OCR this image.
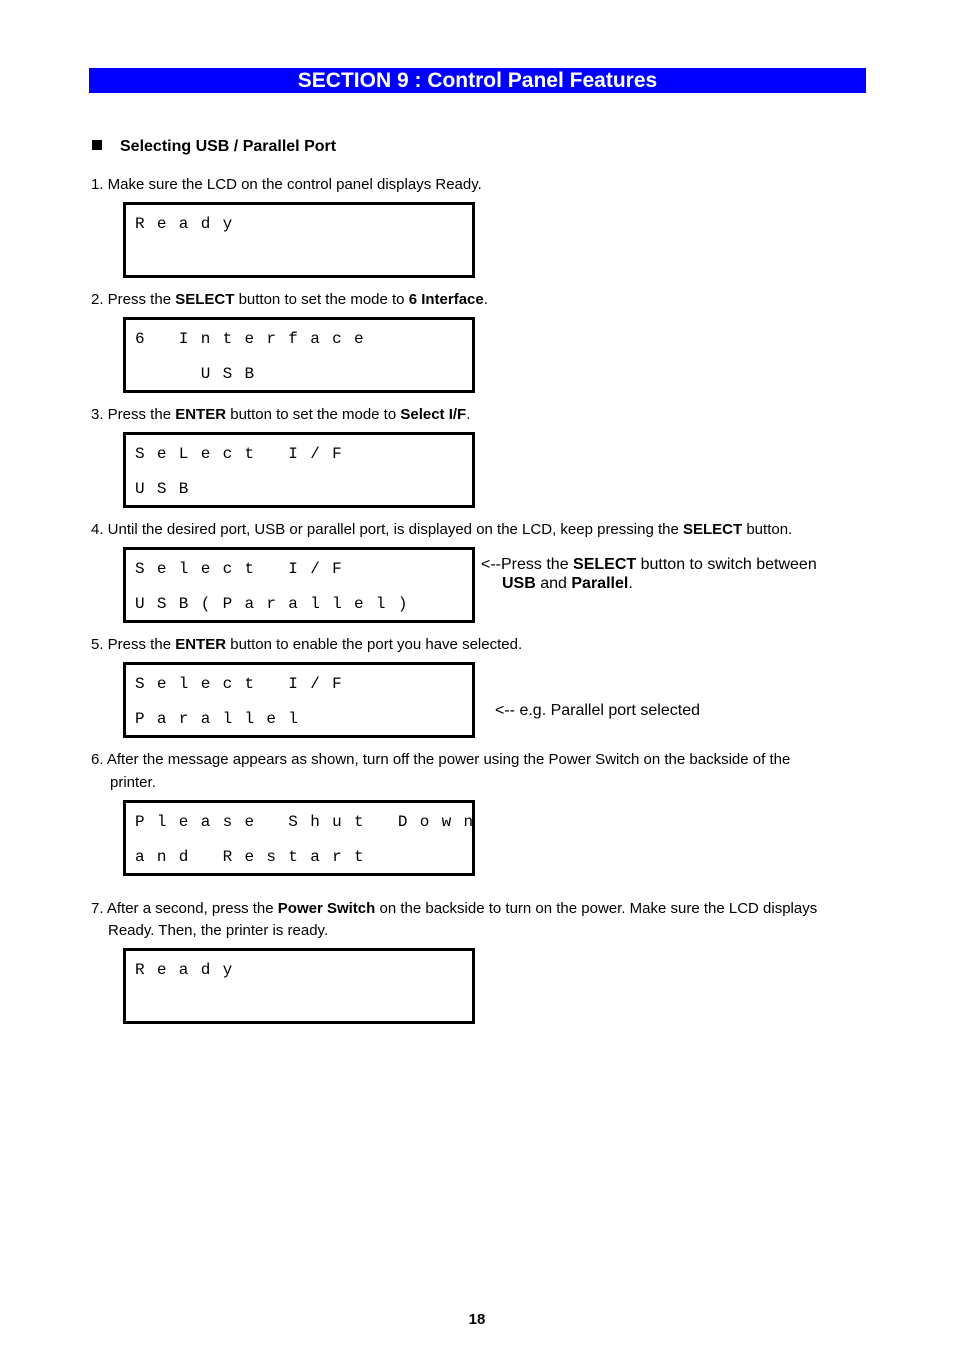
SECTION 9 : Control Panel Features
Selecting USB / Parallel Port
1. Make sure the LCD on the control panel displays Ready.
Ready
2. Press the SELECT button to set the mode to 6 Interface.
6 Interface
USB
3. Press the ENTER button to set the mode to Select I/F.
SeLect I/F
USB
4. Until the desired port, USB or parallel port, is displayed on the LCD, keep pressing the SELECT button.
Select I/F
USB(Parallel)
<--Press the SELECT button to switch between
USB and Parallel.
5. Press the ENTER button to enable the port you have selected.
Select I/F
Parallel	<-- e.g. Parallel port selected
6. After the message appears as shown, turn off the power using the Power Switch on the backside of the
printer.
Please Shut Down
and Restart
7. After a second, press the Power Switch on the backside to turn on the power. Make sure the LCD displays
Ready. Then, the printer is ready.
Ready
18
